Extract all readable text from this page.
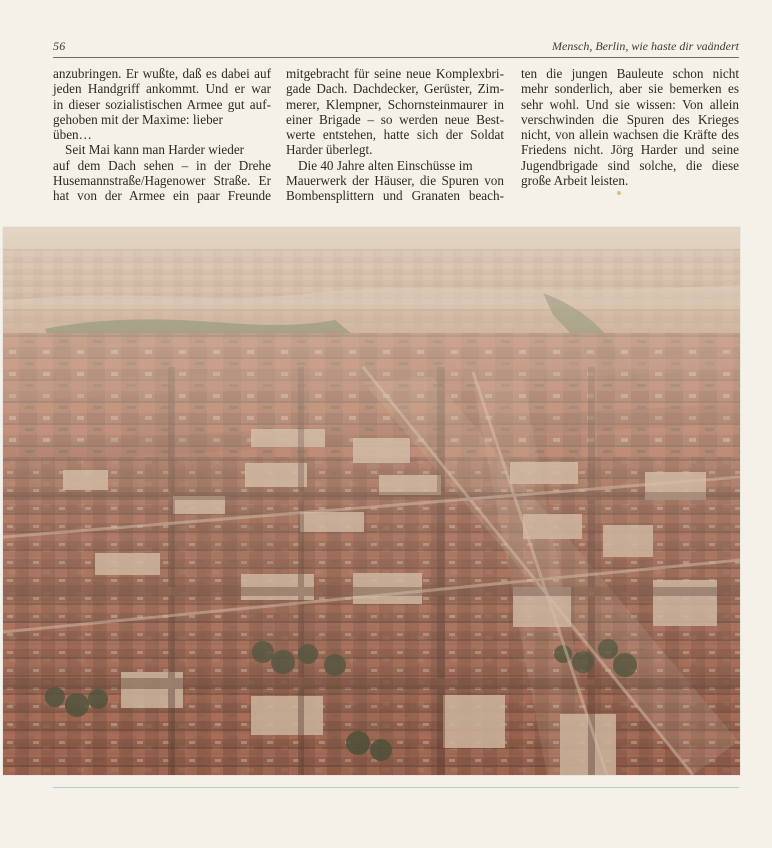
56	Mensch, Berlin, wie haste dir vaändert
anzubringen. Er wußte, daß es dabei auf
jeden Handgriff ankommt. Und er war
in dieser sozialistischen Armee gut auf-
gehoben mit der Maxime: lieber
üben…
Seit Mai kann man Harder wieder
auf dem Dach sehen – in der Drehe
Husemannstraße/Hagenower Straße. Er
hat von der Armee ein paar Freunde
mitgebracht für seine neue Komplexbri-
gade Dach. Dachdecker, Gerüster, Zim-
merer, Klempner, Schornsteinmaurer in
einer Brigade – so werden neue Best-
werte entstehen, hatte sich der Soldat
Harder überlegt.
Die 40 Jahre alten Einschüsse im
Mauerwerk der Häuser, die Spuren von
Bombensplittern und Granaten beach-
ten die jungen Bauleute schon nicht
mehr sonderlich, aber sie bemerken es
sehr wohl. Und sie wissen: Von allein
verschwinden die Spuren des Krieges
nicht, von allein wachsen die Kräfte des
Friedens nicht. Jörg Harder und seine
Jugendbrigade sind solche, die diese
große Arbeit leisten.
